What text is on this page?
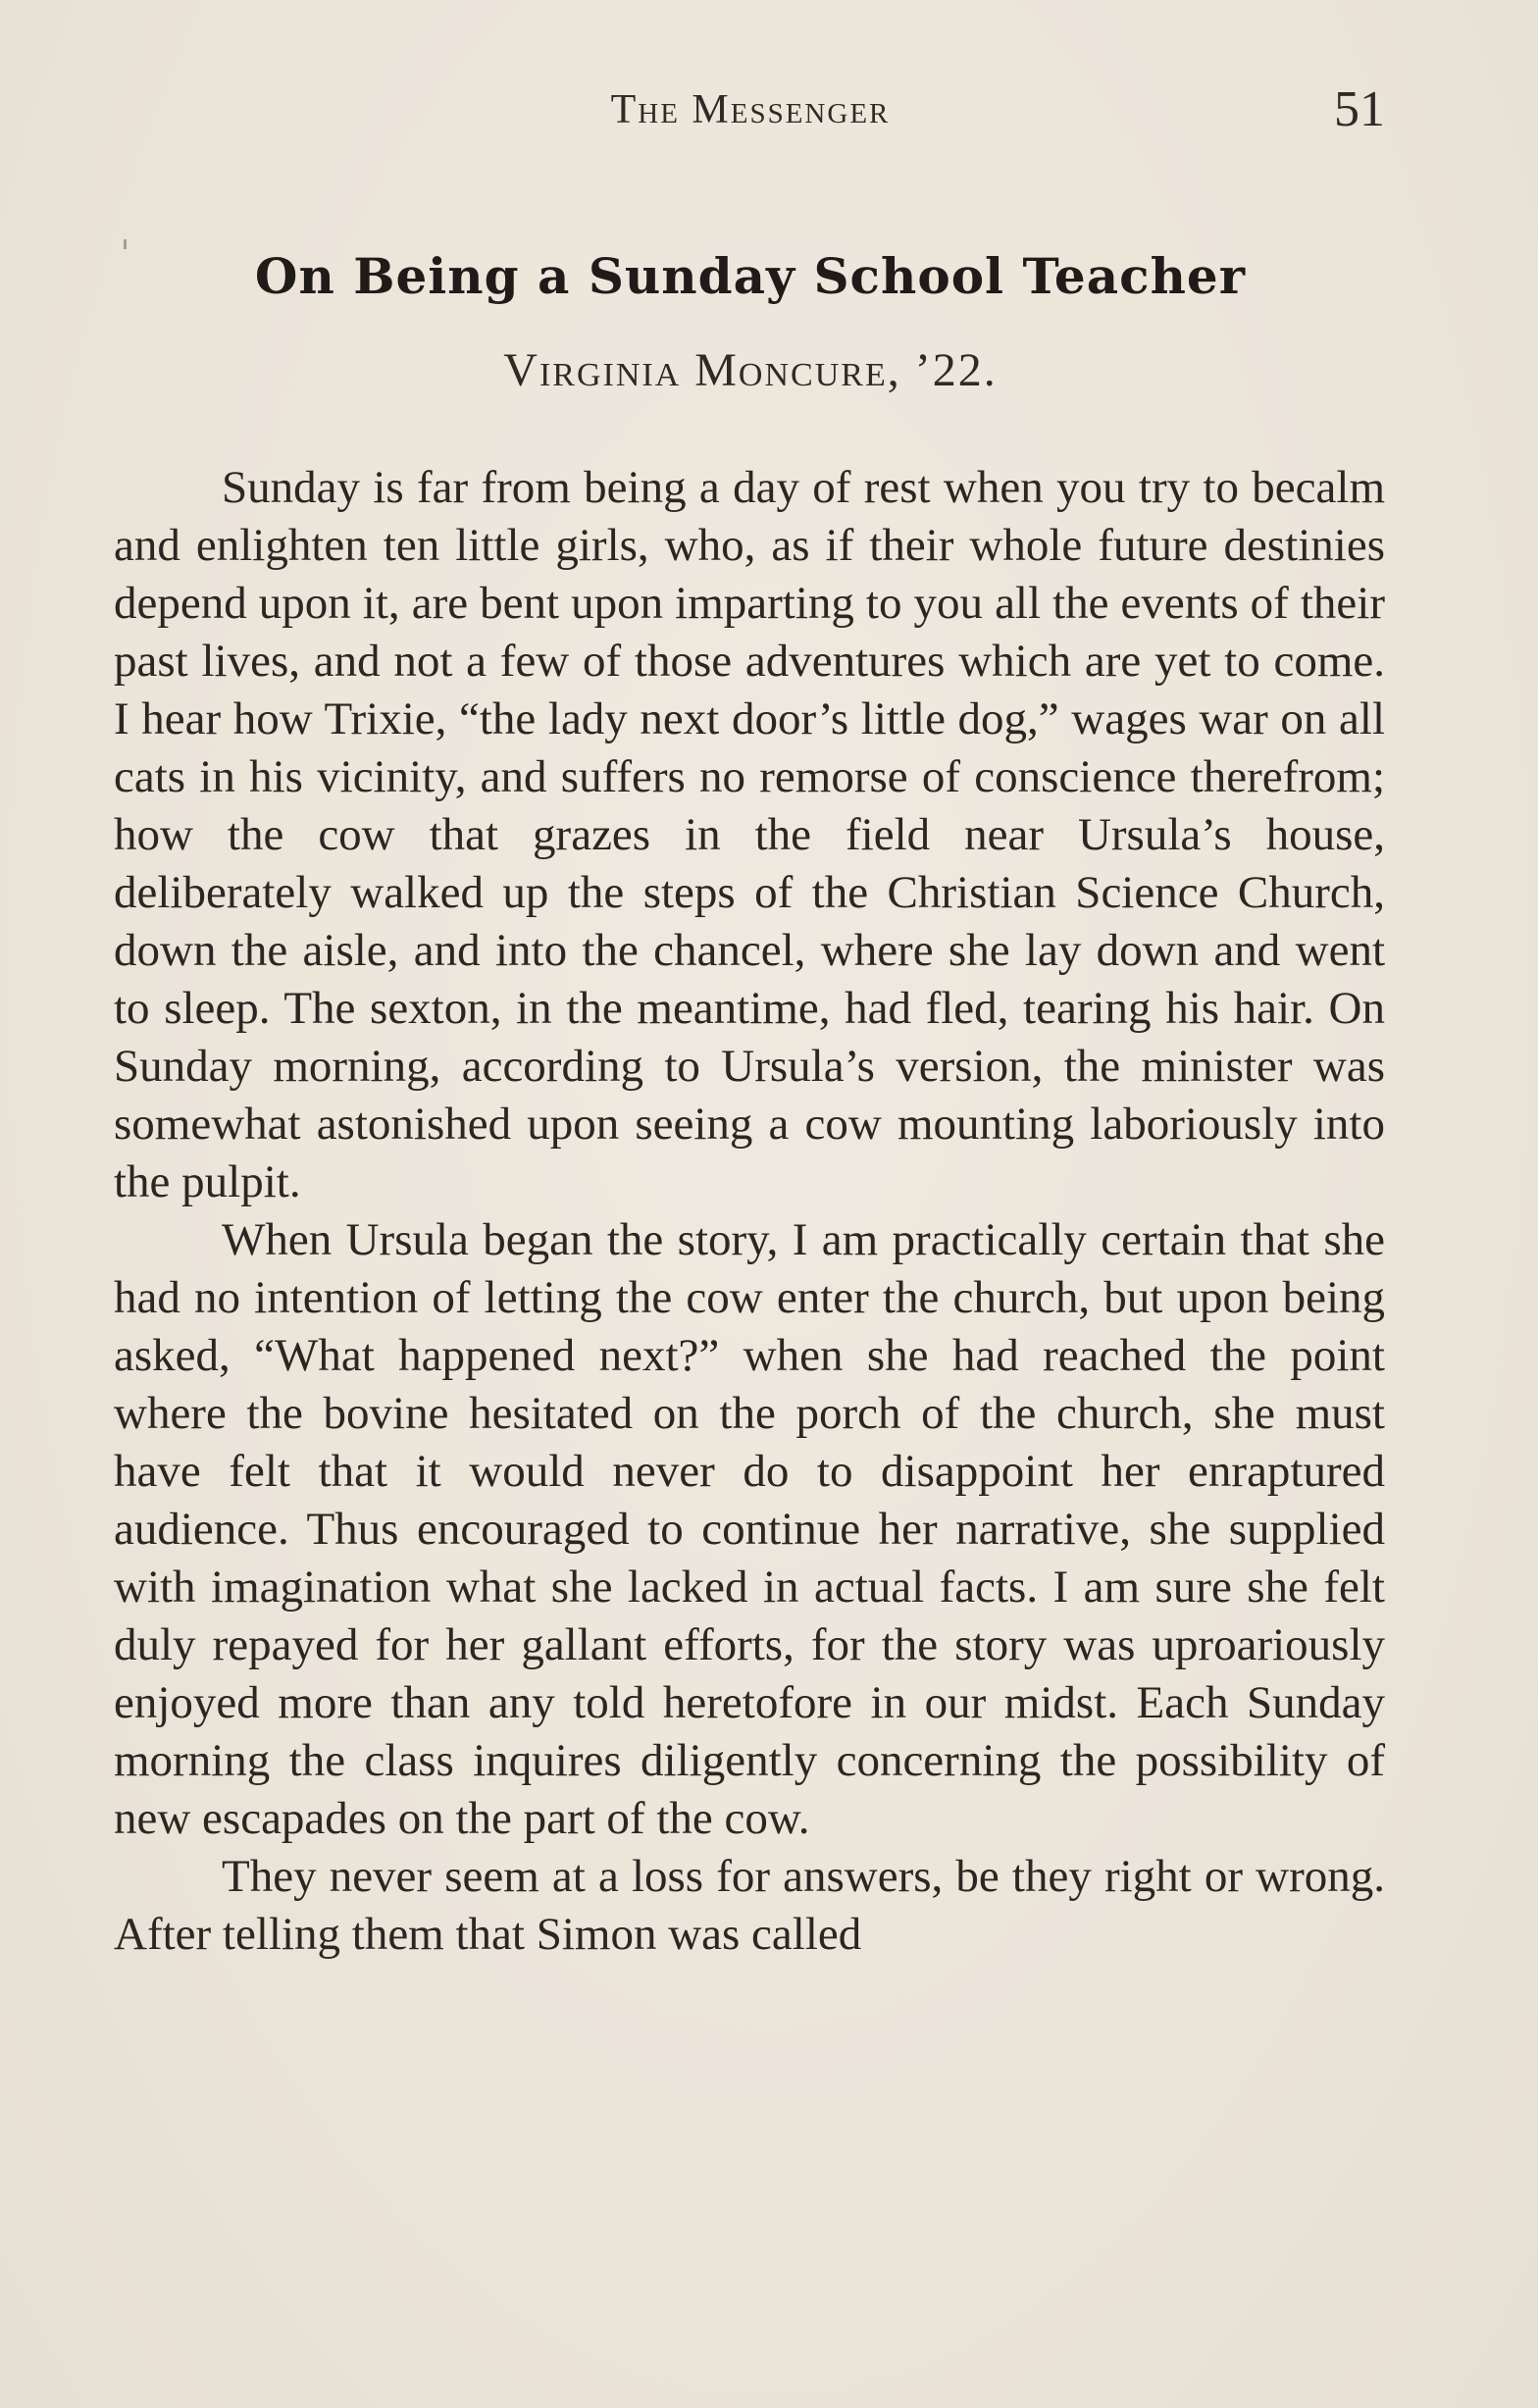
The Messenger	51
On Being a Sunday School Teacher
Virginia Moncure, ’22.

Sunday is far from being a day of rest when you try to becalm and enlighten ten little girls, who, as if their whole future destinies depend upon it, are bent upon imparting to you all the events of their past lives, and not a few of those adventures which are yet to come. I hear how Trixie, “the lady next door’s little dog,” wages war on all cats in his vicinity, and suffers no remorse of conscience therefrom; how the cow that grazes in the field near Ursula’s house, deliberately walked up the steps of the Christian Science Church, down the aisle, and into the chancel, where she lay down and went to sleep. The sexton, in the meantime, had fled, tearing his hair. On Sunday morning, according to Ursula’s version, the minister was somewhat astonished upon seeing a cow mounting laboriously into the pulpit.

When Ursula began the story, I am practically certain that she had no intention of letting the cow enter the church, but upon being asked, “What happened next?” when she had reached the point where the bovine hesitated on the porch of the church, she must have felt that it would never do to disappoint her enraptured audience. Thus encouraged to continue her narrative, she supplied with imagination what she lacked in actual facts. I am sure she felt duly repayed for her gallant efforts, for the story was uproariously enjoyed more than any told heretofore in our midst. Each Sunday morning the class inquires diligently concerning the possibility of new escapades on the part of the cow.

They never seem at a loss for answers, be they right or wrong. After telling them that Simon was called
